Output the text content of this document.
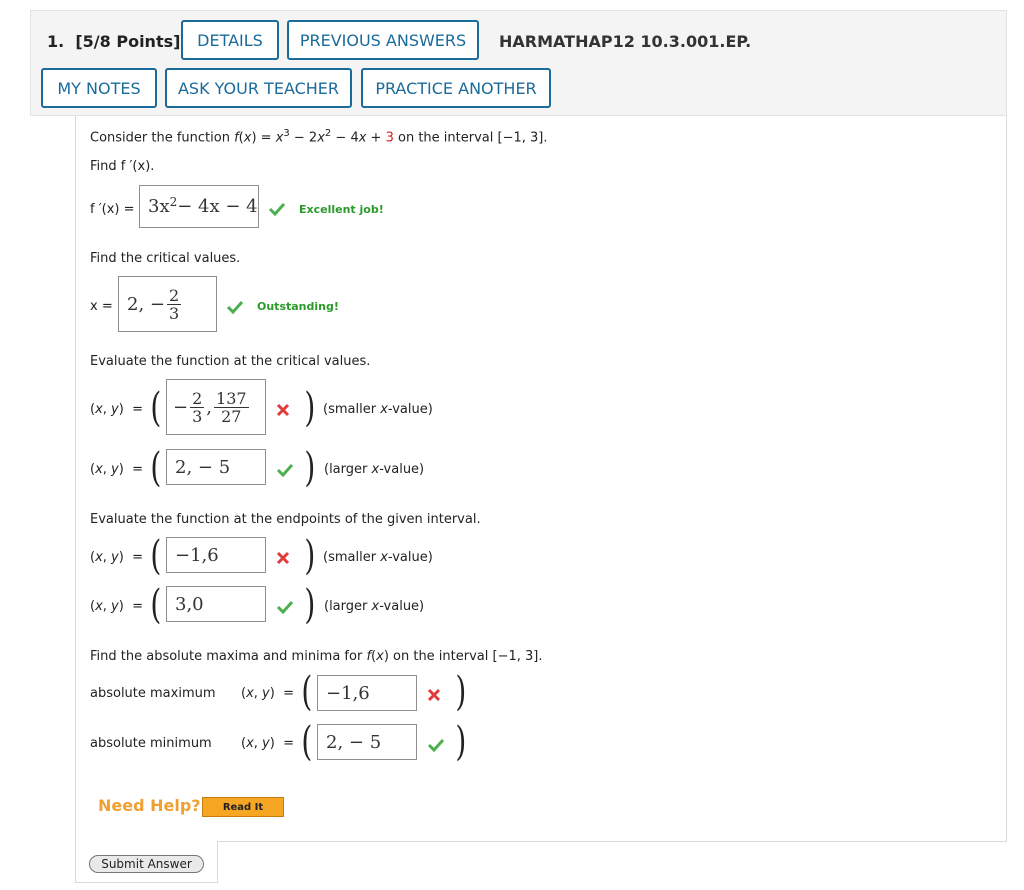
1. [5/8 Points]	DETAILS	PREVIOUS ANSWERS	HARMATHAP12 10.3.001.EP.
MY NOTES	ASK YOUR TEACHER	PRACTICE ANOTHER
Consider the function $f(x) = x^3 - 2x^2 - 4x + 3$ on the interval [−1, 3].
Find f ′(x).
f $'(x) = 3x^2 - 4x - 4$	Excellent job!
Find the critical values.
x = 2, − $\frac{2}{3}$	Outstanding!
Evaluate the function at the critical values.
(x, y)  = ( − $\frac{2}{3}$ , $\frac{137}{27}$ ) (smaller x-value)
(x, y)  = ( 2, − 5	) (larger x-value)
Evaluate the function at the endpoints of the given interval.
(x, y)  = ( −1,6	) (smaller x-value)
(x, y)  = ( 3,0	) (larger x-value)
Find the absolute maxima and minima for f(x) on the interval [−1, 3].
absolute maximum (x, y)  = ( −1,6	)
absolute minimum (x, y)  = ( 2, − 5	)
Need Help?	Read It
Submit Answer
